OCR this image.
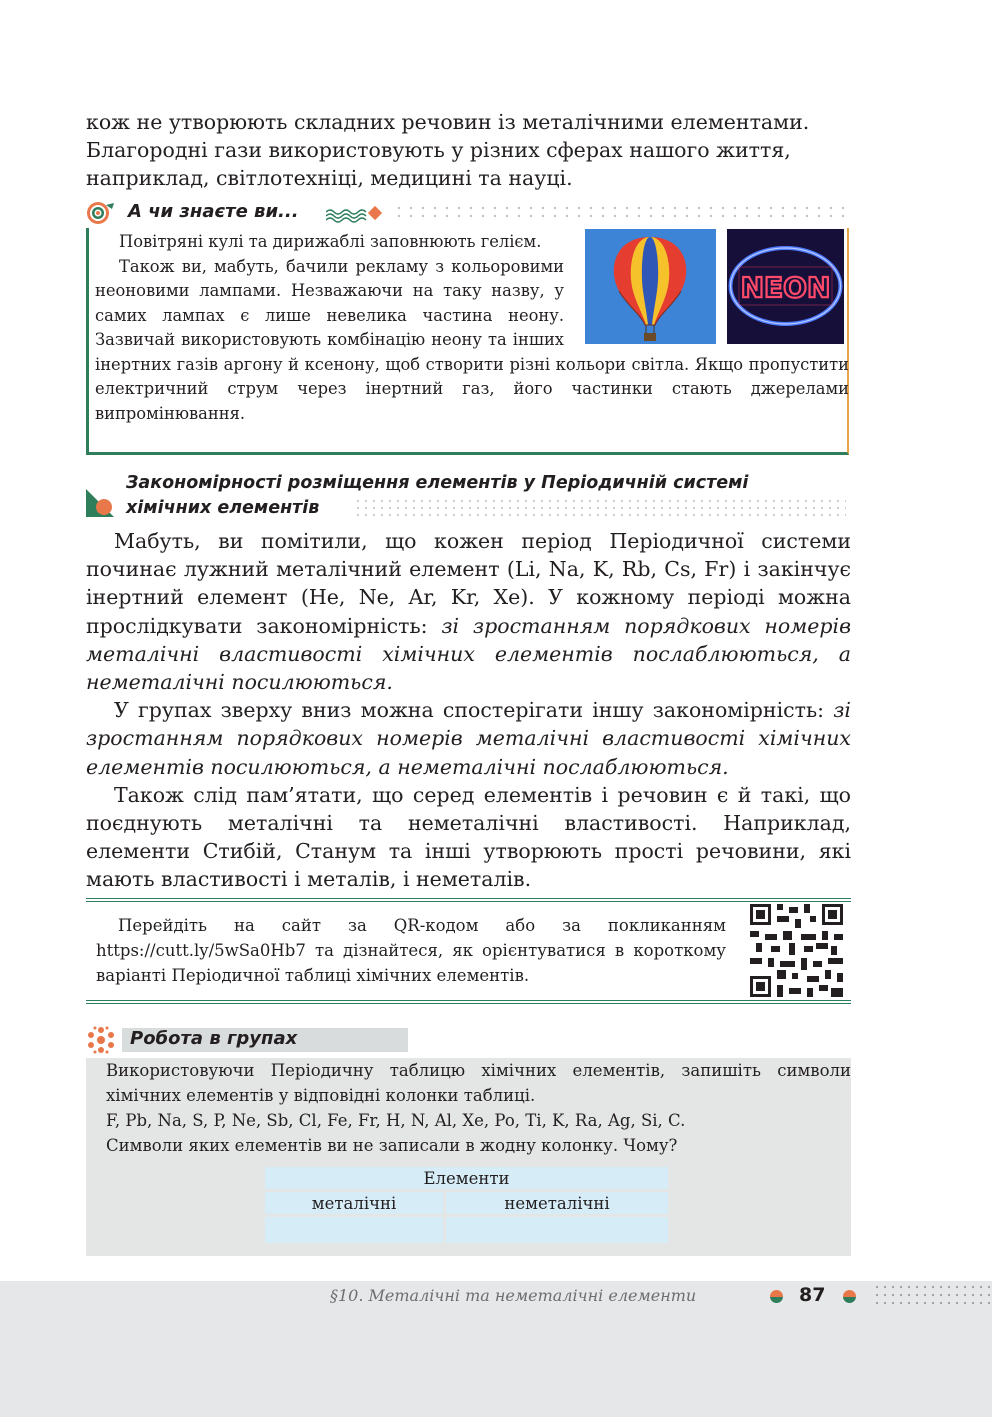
кож не утворюють складних речовин із металічними елементами.
Благородні гази використовують у різних сферах нашого життя,
наприклад, світлотехніці, медицині та науці.
А чи знаєте ви...

Повітряні кулі та дирижаблі заповнюють гелієм.

Також ви, мабуть, бачили рекламу з кольоровими неоновими лампами. Незважаючи на таку назву, у самих лампах є лише невелика частина неону. Зазвичай використовують комбінацію неону та інших інертних газів аргону й ксенону, щоб створити різні кольори світла. Якщо пропустити електричний струм через інертний газ, його частинки стають джерелами випромінювання.

NEON
Закономірності розміщення елементів у Періодичній системі
хімічних елементів

Мабуть, ви помітили, що кожен період Періодичної системи починає лужний металічний елемент (Li, Na, K, Rb, Cs, Fr) і закінчує інертний елемент (He, Ne, Ar, Kr, Xe). У кожному періоді можна прослідкувати закономірність: зі зростанням порядкових номерів металічні властивості хімічних елементів послаблюються, а неметалічні посилюються.

У групах зверху вниз можна спостерігати іншу закономірність: зі зростанням порядкових номерів металічні властивості хімічних елементів посилюються, а неметалічні послаблюються.

Також слід пам’ятати, що серед елементів і речовин є й такі, що поєднують металічні та неметалічні властивості. Наприклад, елементи Стибій, Станум та інші утворюють прості речовини, які мають властивості і металів, і неметалів.

Перейдіть на сайт за QR-кодом або за покликанням https://cutt.ly/5wSa0Hb7 та дізнайтеся, як орієнтуватися в короткому варіанті Періодичної таблиці хімічних елементів.

Робота в групах

Використовуючи Періодичну таблицю хімічних елементів, запишіть символи хімічних елементів у відповідні колонки таблиці.

F, Pb, Na, S, P, Ne, Sb, Cl, Fe, Fr, H, N, Al, Xe, Po, Ti, K, Ra, Ag, Si, C.

Символи яких елементів ви не записали в жодну колонку. Чому?

Елементи	
металічні	неметалічні

§10. Металічні та неметалічні елементи	87
